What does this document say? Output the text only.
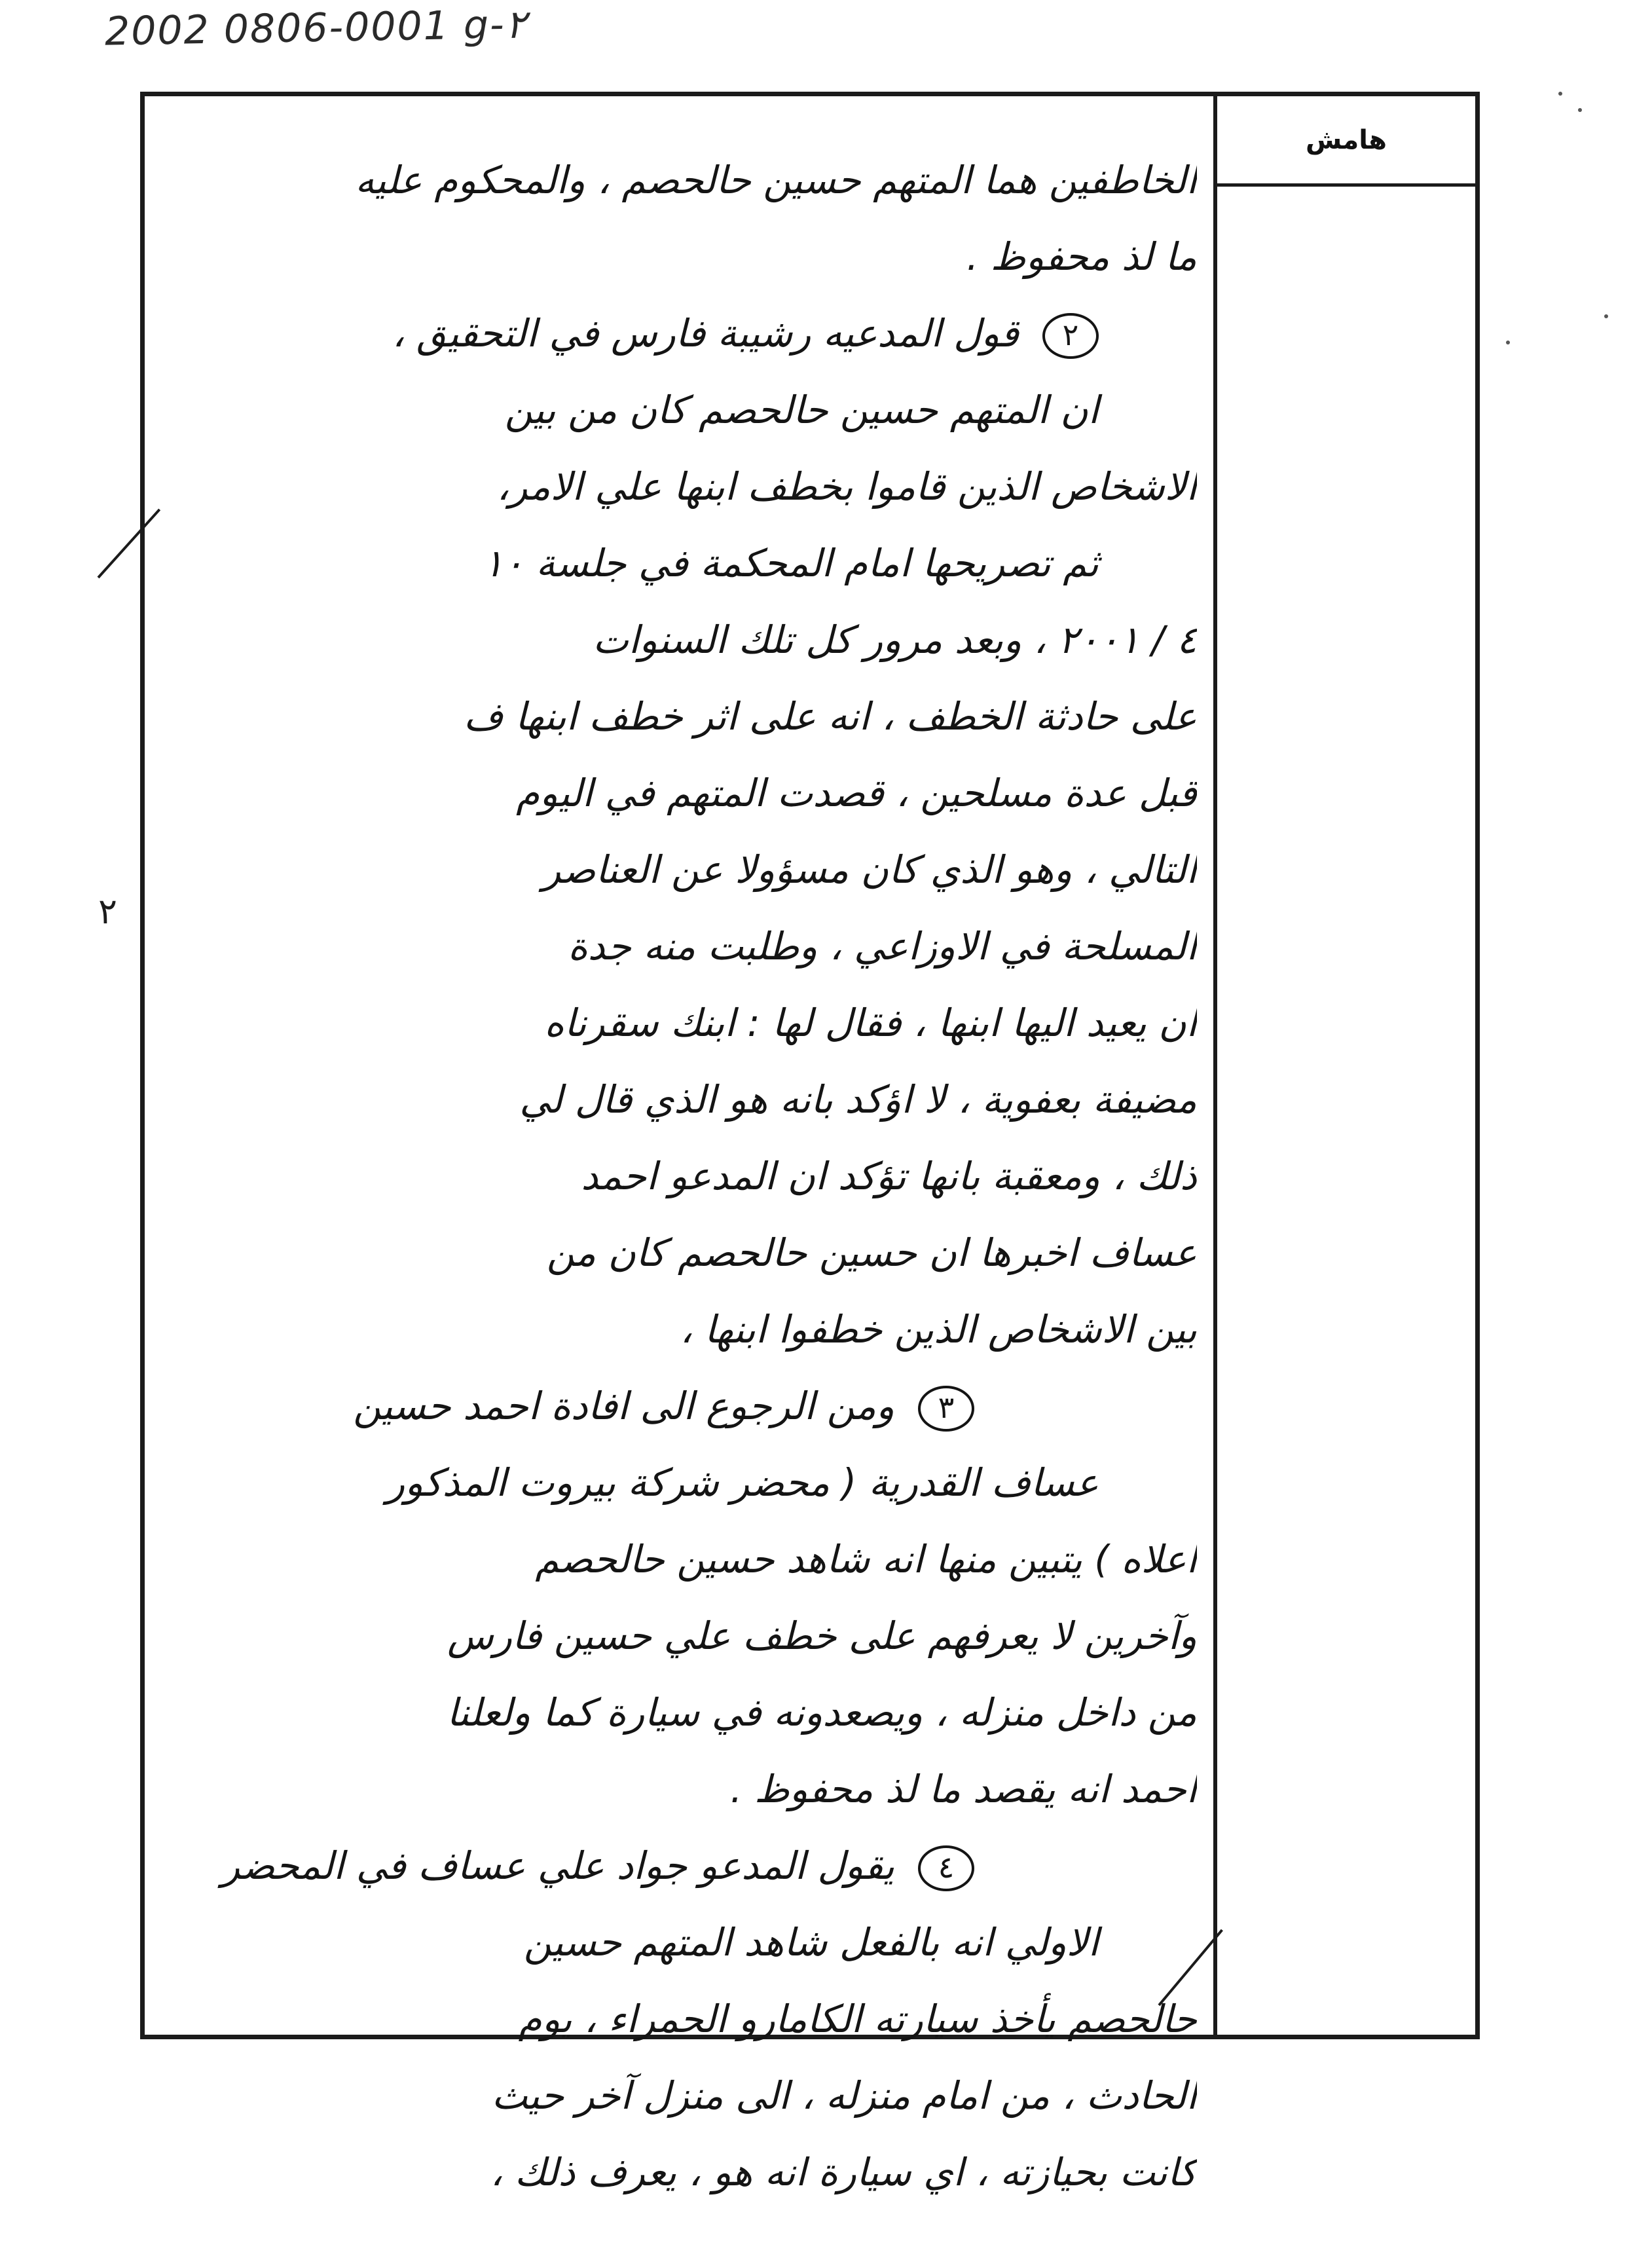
2002 0806-0001 g-٢
هامش
الخاطفين هما المتهم حسين حالحصم ، والمحكوم عليه
ما لذ محفوظ .
٢قول المدعيه رشيبة فارس في التحقيق ،
ان المتهم حسين حالحصم كان من بين
الاشخاص الذين قاموا بخطف ابنها علي الامر،
ثم تصريحها امام المحكمة في جلسة ١٠
٤ / ٢٠٠١ ، وبعد مرور كل تلك السنوات
على حادثة الخطف ، انه على اثر خطف ابنها ف
قبل عدة مسلحين ، قصدت المتهم في اليوم
التالي ، وهو الذي كان مسؤولا عن العناصر
المسلحة في الاوزاعي ، وطلبت منه جدة
ان يعيد اليها ابنها ، فقال لها : ابنك سقرناه
مضيفة بعفوية ، لا اؤكد بانه هو الذي قال لي
ذلك ، ومعقبة بانها تؤكد ان المدعو احمد
عساف اخبرها ان حسين حالحصم كان من
بين الاشخاص الذين خطفوا ابنها ،
٣ومن الرجوع الى افادة احمد حسين
عساف القدرية ( محضر شركة بيروت المذكور
اعلاه ) يتبين منها انه شاهد حسين حالحصم
وآخرين لا يعرفهم على خطف علي حسين فارس
من داخل منزله ، ويصعدونه في سيارة كما ولعلنا
احمد انه يقصد ما لذ محفوظ .
٤يقول المدعو جواد علي عساف في المحضر
الاولي انه بالفعل شاهد المتهم حسين
حالحصم يأخذ سيارته الكامارو الحمراء ، يوم
الحادث ، من امام منزله ، الى منزل آخر حيث
كانت بحيازته ، اي سيارة انه هو ، يعرف ذلك ،
٢
